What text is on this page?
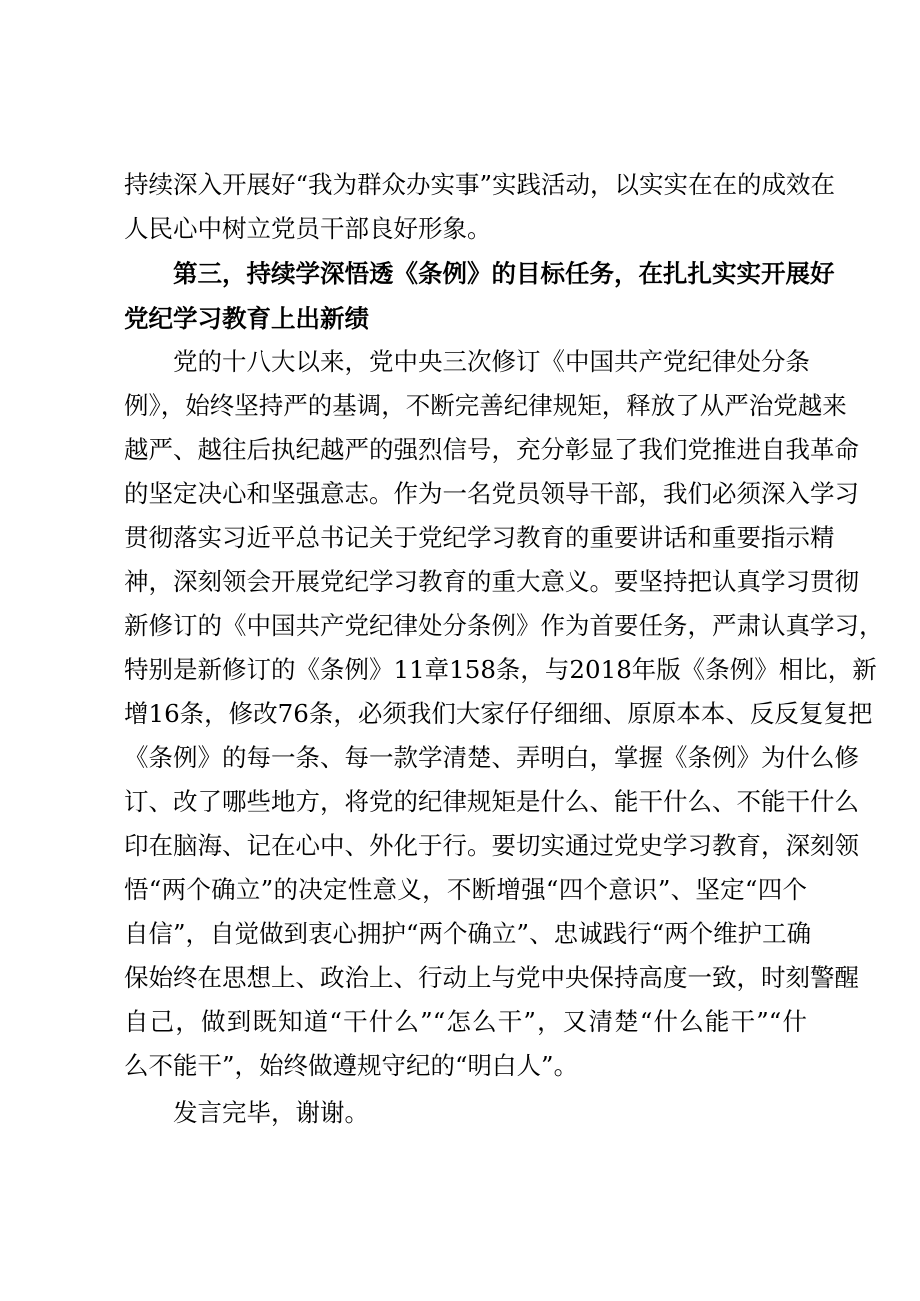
持续深入开展好“我为群众办实事”实践活动，以实实在在的成效在
人民心中树立党员干部良好形象。
第三，持续学深悟透《条例》的目标任务，在扎扎实实开展好
党纪学习教育上出新绩
党的十八大以来，党中央三次修订《中国共产党纪律处分条
例》，始终坚持严的基调，不断完善纪律规矩，释放了从严治党越来
越严、越往后执纪越严的强烈信号，充分彰显了我们党推进自我革命
的坚定决心和坚强意志。作为一名党员领导干部，我们必须深入学习
贯彻落实习近平总书记关于党纪学习教育的重要讲话和重要指示精
神，深刻领会开展党纪学习教育的重大意义。要坚持把认真学习贯彻
新修订的《中国共产党纪律处分条例》作为首要任务，严肃认真学习，
特别是新修订的《条例》11章158条，与2018年版《条例》相比，新
增16条，修改76条，必须我们大家仔仔细细、原原本本、反反复复把
《条例》的每一条、每一款学清楚、弄明白，掌握《条例》为什么修
订、改了哪些地方，将党的纪律规矩是什么、能干什么、不能干什么
印在脑海、记在心中、外化于行。要切实通过党史学习教育，深刻领
悟“两个确立”的决定性意义，不断增强“四个意识”、坚定“四个
自信”，自觉做到衷心拥护“两个确立”、忠诚践行“两个维护工确
保始终在思想上、政治上、行动上与党中央保持高度一致，时刻警醒
自己，做到既知道“干什么”“怎么干”，又清楚“什么能干”“什
么不能干”，始终做遵规守纪的“明白人”。
发言完毕，谢谢。
